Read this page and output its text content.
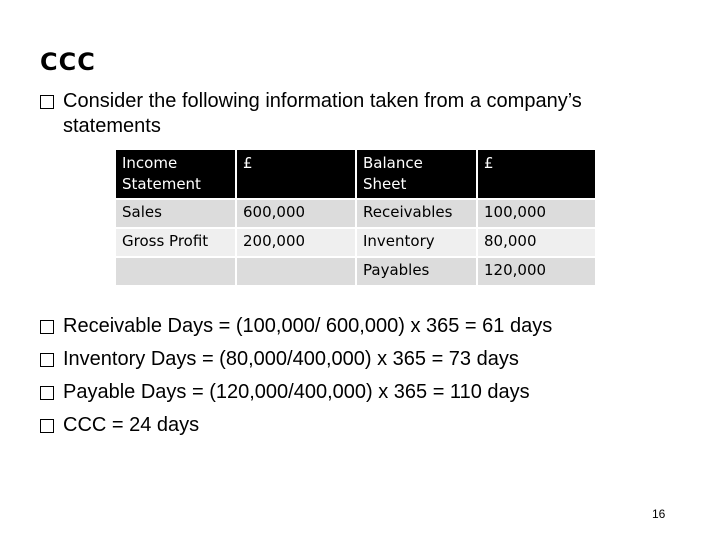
CCC
Consider the following information taken from a company’s statements
Income Statement	£	Balance Sheet	£
Sales	600,000	Receivables	100,000
Gross Profit	200,000	Inventory	80,000
		Payables	120,000
Receivable Days = (100,000/ 600,000) x 365 = 61 days
Inventory Days = (80,000/400,000) x 365 = 73 days
Payable Days = (120,000/400,000) x 365 = 110 days
CCC = 24 days
16
